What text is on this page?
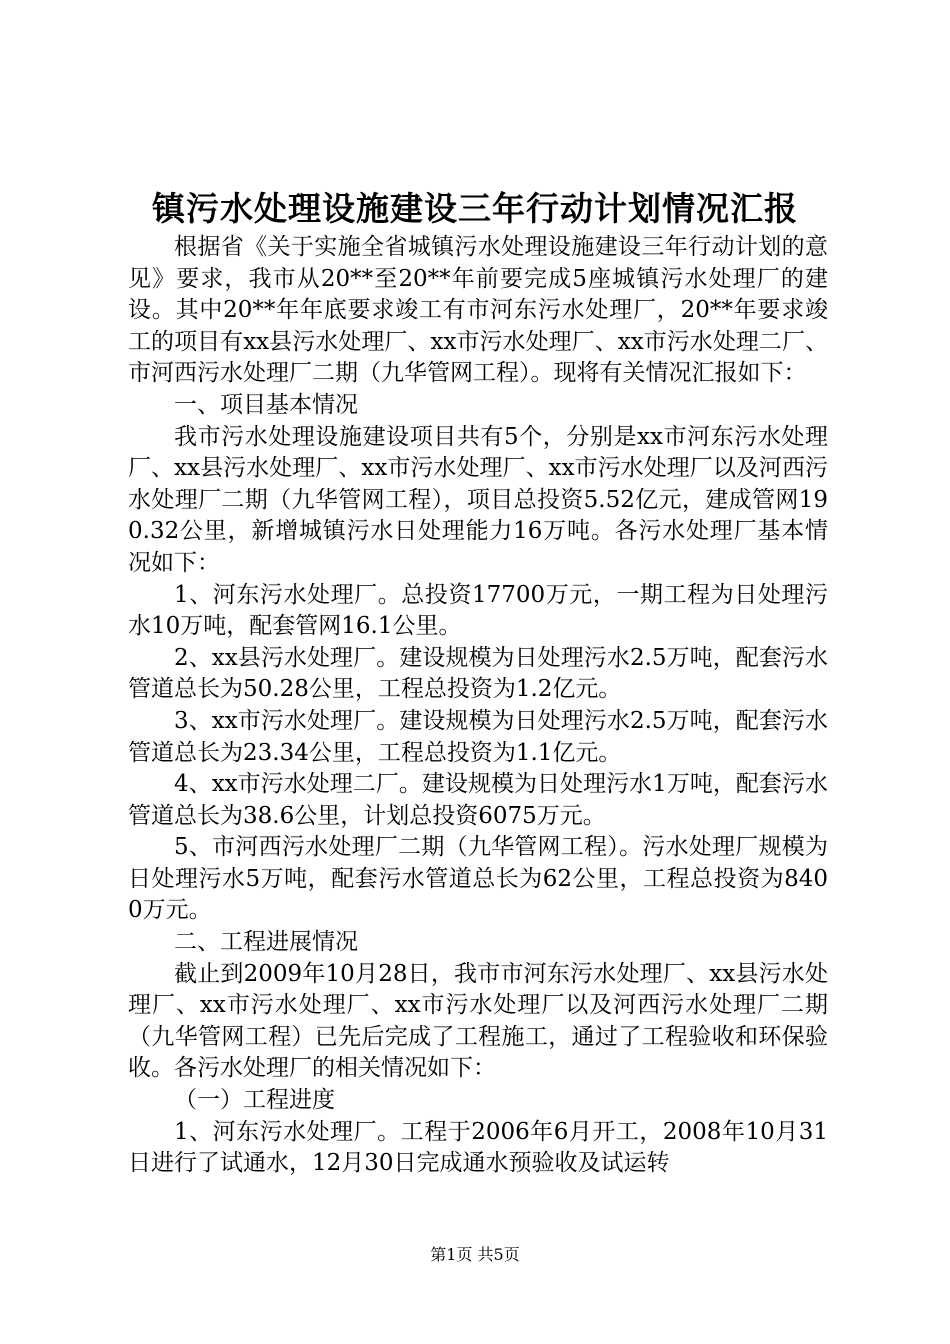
镇污水处理设施建设三年行动计划情况汇报

根据省《关于实施全省城镇污水处理设施建设三年行动计划的意见》要求，我市从20**至20**年前要完成5座城镇污水处理厂的建设。其中20**年年底要求竣工有市河东污水处理厂，20**年要求竣工的项目有xx县污水处理厂、xx市污水处理厂、xx市污水处理二厂、市河西污水处理厂二期（九华管网工程）。现将有关情况汇报如下：

一、项目基本情况

我市污水处理设施建设项目共有5个，分别是xx市河东污水处理厂、xx县污水处理厂、xx市污水处理厂、xx市污水处理厂以及河西污水处理厂二期（九华管网工程），项目总投资5.52亿元，建成管网190.32公里，新增城镇污水日处理能力16万吨。各污水处理厂基本情况如下：

1、河东污水处理厂。总投资17700万元，一期工程为日处理污水10万吨，配套管网16.1公里。

2、xx县污水处理厂。建设规模为日处理污水2.5万吨，配套污水管道总长为50.28公里，工程总投资为1.2亿元。

3、xx市污水处理厂。建设规模为日处理污水2.5万吨，配套污水管道总长为23.34公里，工程总投资为1.1亿元。

4、xx市污水处理二厂。建设规模为日处理污水1万吨，配套污水管道总长为38.6公里，计划总投资6075万元。

5、市河西污水处理厂二期（九华管网工程）。污水处理厂规模为日处理污水5万吨，配套污水管道总长为62公里，工程总投资为8400万元。

二、工程进展情况

截止到2009年10月28日，我市市河东污水处理厂、xx县污水处理厂、xx市污水处理厂、xx市污水处理厂以及河西污水处理厂二期（九华管网工程）已先后完成了工程施工，通过了工程验收和环保验收。各污水处理厂的相关情况如下：

（一）工程进度

1、河东污水处理厂。工程于2006年6月开工，2008年10月31日进行了试通水，12月30日完成通水预验收及试运转

第1页 共5页
